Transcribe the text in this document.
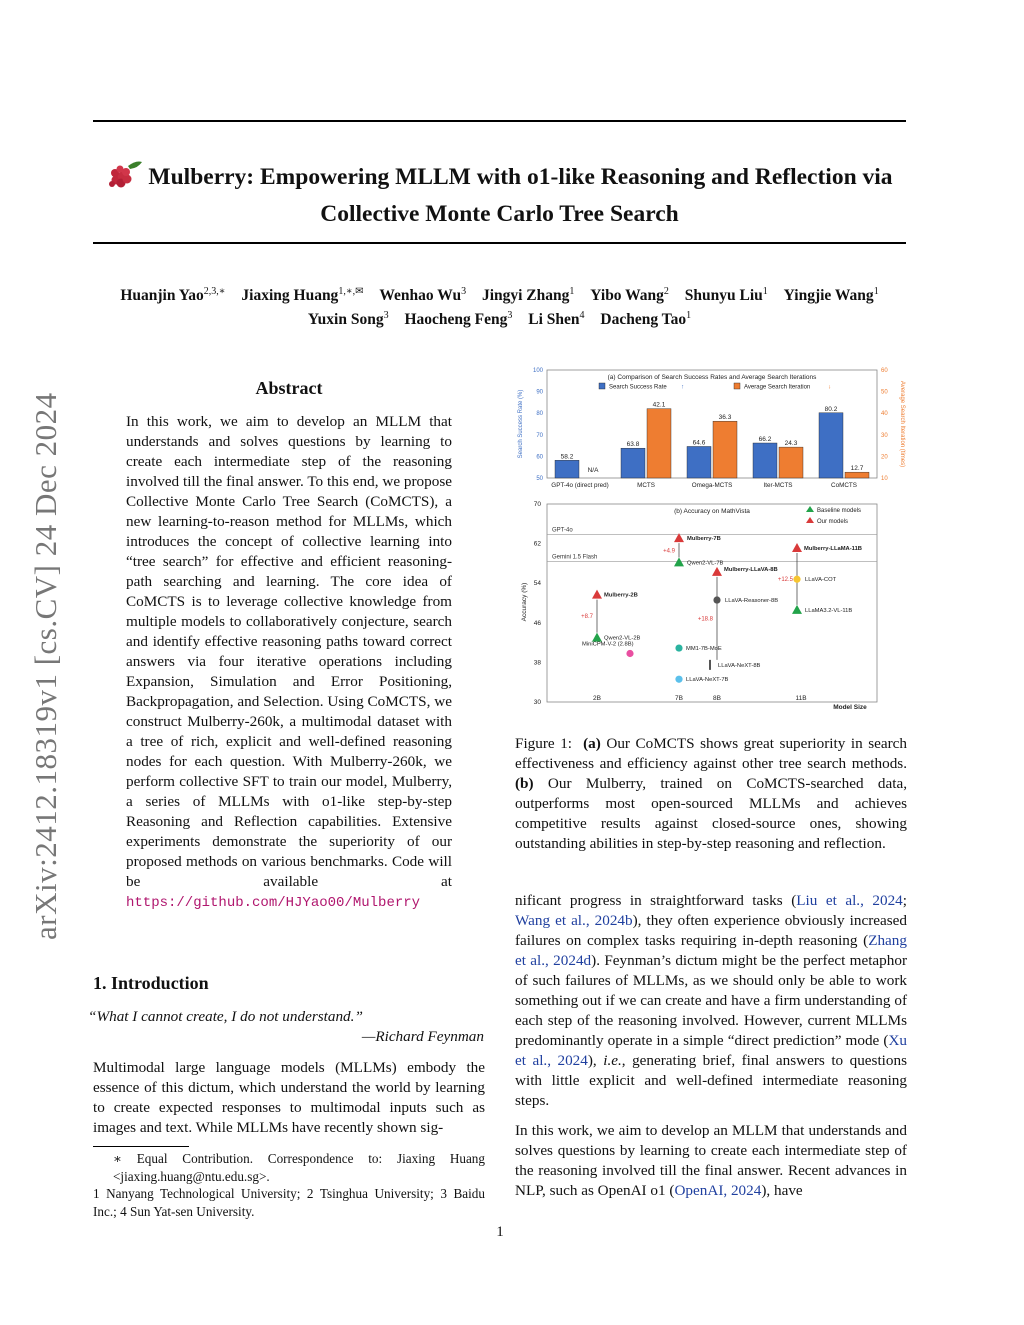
Mulberry: Empowering MLLM with o1-like Reasoning and Reflection via
Collective Monte Carlo Tree Search
Huanjin Yao$^{2,3,∗}$ Jiaxing Huang$^{1,∗,✉}$ Wenhao Wu$^3$ Jingyi Zhang$^1$ Yibo Wang$^2$ Shunyu Liu$^1$ Yingjie Wang$^1$
Yuxin Song$^3$ Haocheng Feng$^3$ Li Shen$^4$ Dacheng Tao$^1$
arXiv:2412.18319v1 [cs.CV] 24 Dec 2024
Abstract
In this work, we aim to develop an MLLM that understands and solves questions by learning to create each intermediate step of the reasoning involved till the final answer. To this end, we propose Collective Monte Carlo Tree Search (CoMCTS), a new learning-to-reason method for MLLMs, which introduces the concept of collective learning into “tree search” for effective and efficient reasoning-path searching and learning. The core idea of CoMCTS is to leverage collective knowledge from multiple models to collaboratively conjecture, search and identify effective reasoning paths toward correct answers via four iterative operations including Expansion, Simulation and Error Positioning, Backpropagation, and Selection. Using CoMCTS, we construct Mulberry-260k, a multimodal dataset with a tree of rich, explicit and well-defined reasoning nodes for each question. With Mulberry-260k, we perform collective SFT to train our model, Mulberry, a series of MLLMs with o1-like step-by-step Reasoning and Reflection capabilities. Extensive experiments demonstrate the superiority of our proposed methods on various benchmarks. Code will be available at https://github.com/HJYao00/Mulberry
1. Introduction
“What I cannot create, I do not understand.”
—Richard Feynman
Multimodal large language models (MLLMs) embody the essence of this dictum, which understand the world by learning to create expected responses to multimodal inputs such as images and text. While MLLMs have recently shown sig-
∗ Equal Contribution. Correspondence to: Jiaxing Huang <jiaxing.huang@ntu.edu.sg>.1 Nanyang Technological University; 2 Tsinghua University; 3 Baidu Inc.; 4 Sun Yat-sen University.
(a) Comparison of Search Success Rates and Average Search Iterations
Search Success Rate ↑	Average Search Iteration	↓
Search Success Rate (%)	Average Search Iteration (times)
50
60
70
80
90
100
10
20
30
40
50
60
58.2
N/A
GPT-4o (direct pred)
63.8
42.1
MCTS
64.6
36.3
Omega-MCTS
66.2
24.3
Iter-MCTS
80.2
12.7
CoMCTS
(b) Accuracy on MathVista	Baseline models
Our models
Accuracy (%)
Model Size
30
38
46
54
62
70
2B	7B	8B	11B
GPT-4o
Gemini 1.5 Flash
+8.7
+4.9
+18.8
+12.5
Mulberry-2B
Qwen2-VL-2B
MiniCPM-V-2 (2.8B)
Mulberry-7B
Qwen2-VL-7B
MM1-7B-MoE
LLaVA-NeXT-7B
Mulberry-LLaVA-8B
LLaVA-Reasoner-8B
LLaVA-NeXT-8B
Mulberry-LLaMA-11B
LLaVA-COT
LLaMA3.2-VL-11B
Figure 1: (a) Our CoMCTS shows great superiority in search effectiveness and efficiency against other tree search methods. (b) Our Mulberry, trained on CoMCTS-searched data, outperforms most open-sourced MLLMs and achieves competitive results against closed-source ones, showing outstanding abilities in step-by-step reasoning and reflection.
nificant progress in straightforward tasks (Liu et al., 2024; Wang et al., 2024b), they often experience obviously increased failures on complex tasks requiring in-depth reasoning (Zhang et al., 2024d). Feynman’s dictum might be the perfect metaphor of such failures of MLLMs, as we should only be able to work something out if we can create and have a firm understanding of each step of the reasoning involved. However, current MLLMs predominantly operate in a simple “direct prediction” mode (Xu et al., 2024), i.e., generating brief, final answers to questions with little explicit and well-defined intermediate reasoning steps.
In this work, we aim to develop an MLLM that understands and solves questions by learning to create each intermediate step of the reasoning involved till the final answer. Recent advances in NLP, such as OpenAI o1 (OpenAI, 2024), have
1
